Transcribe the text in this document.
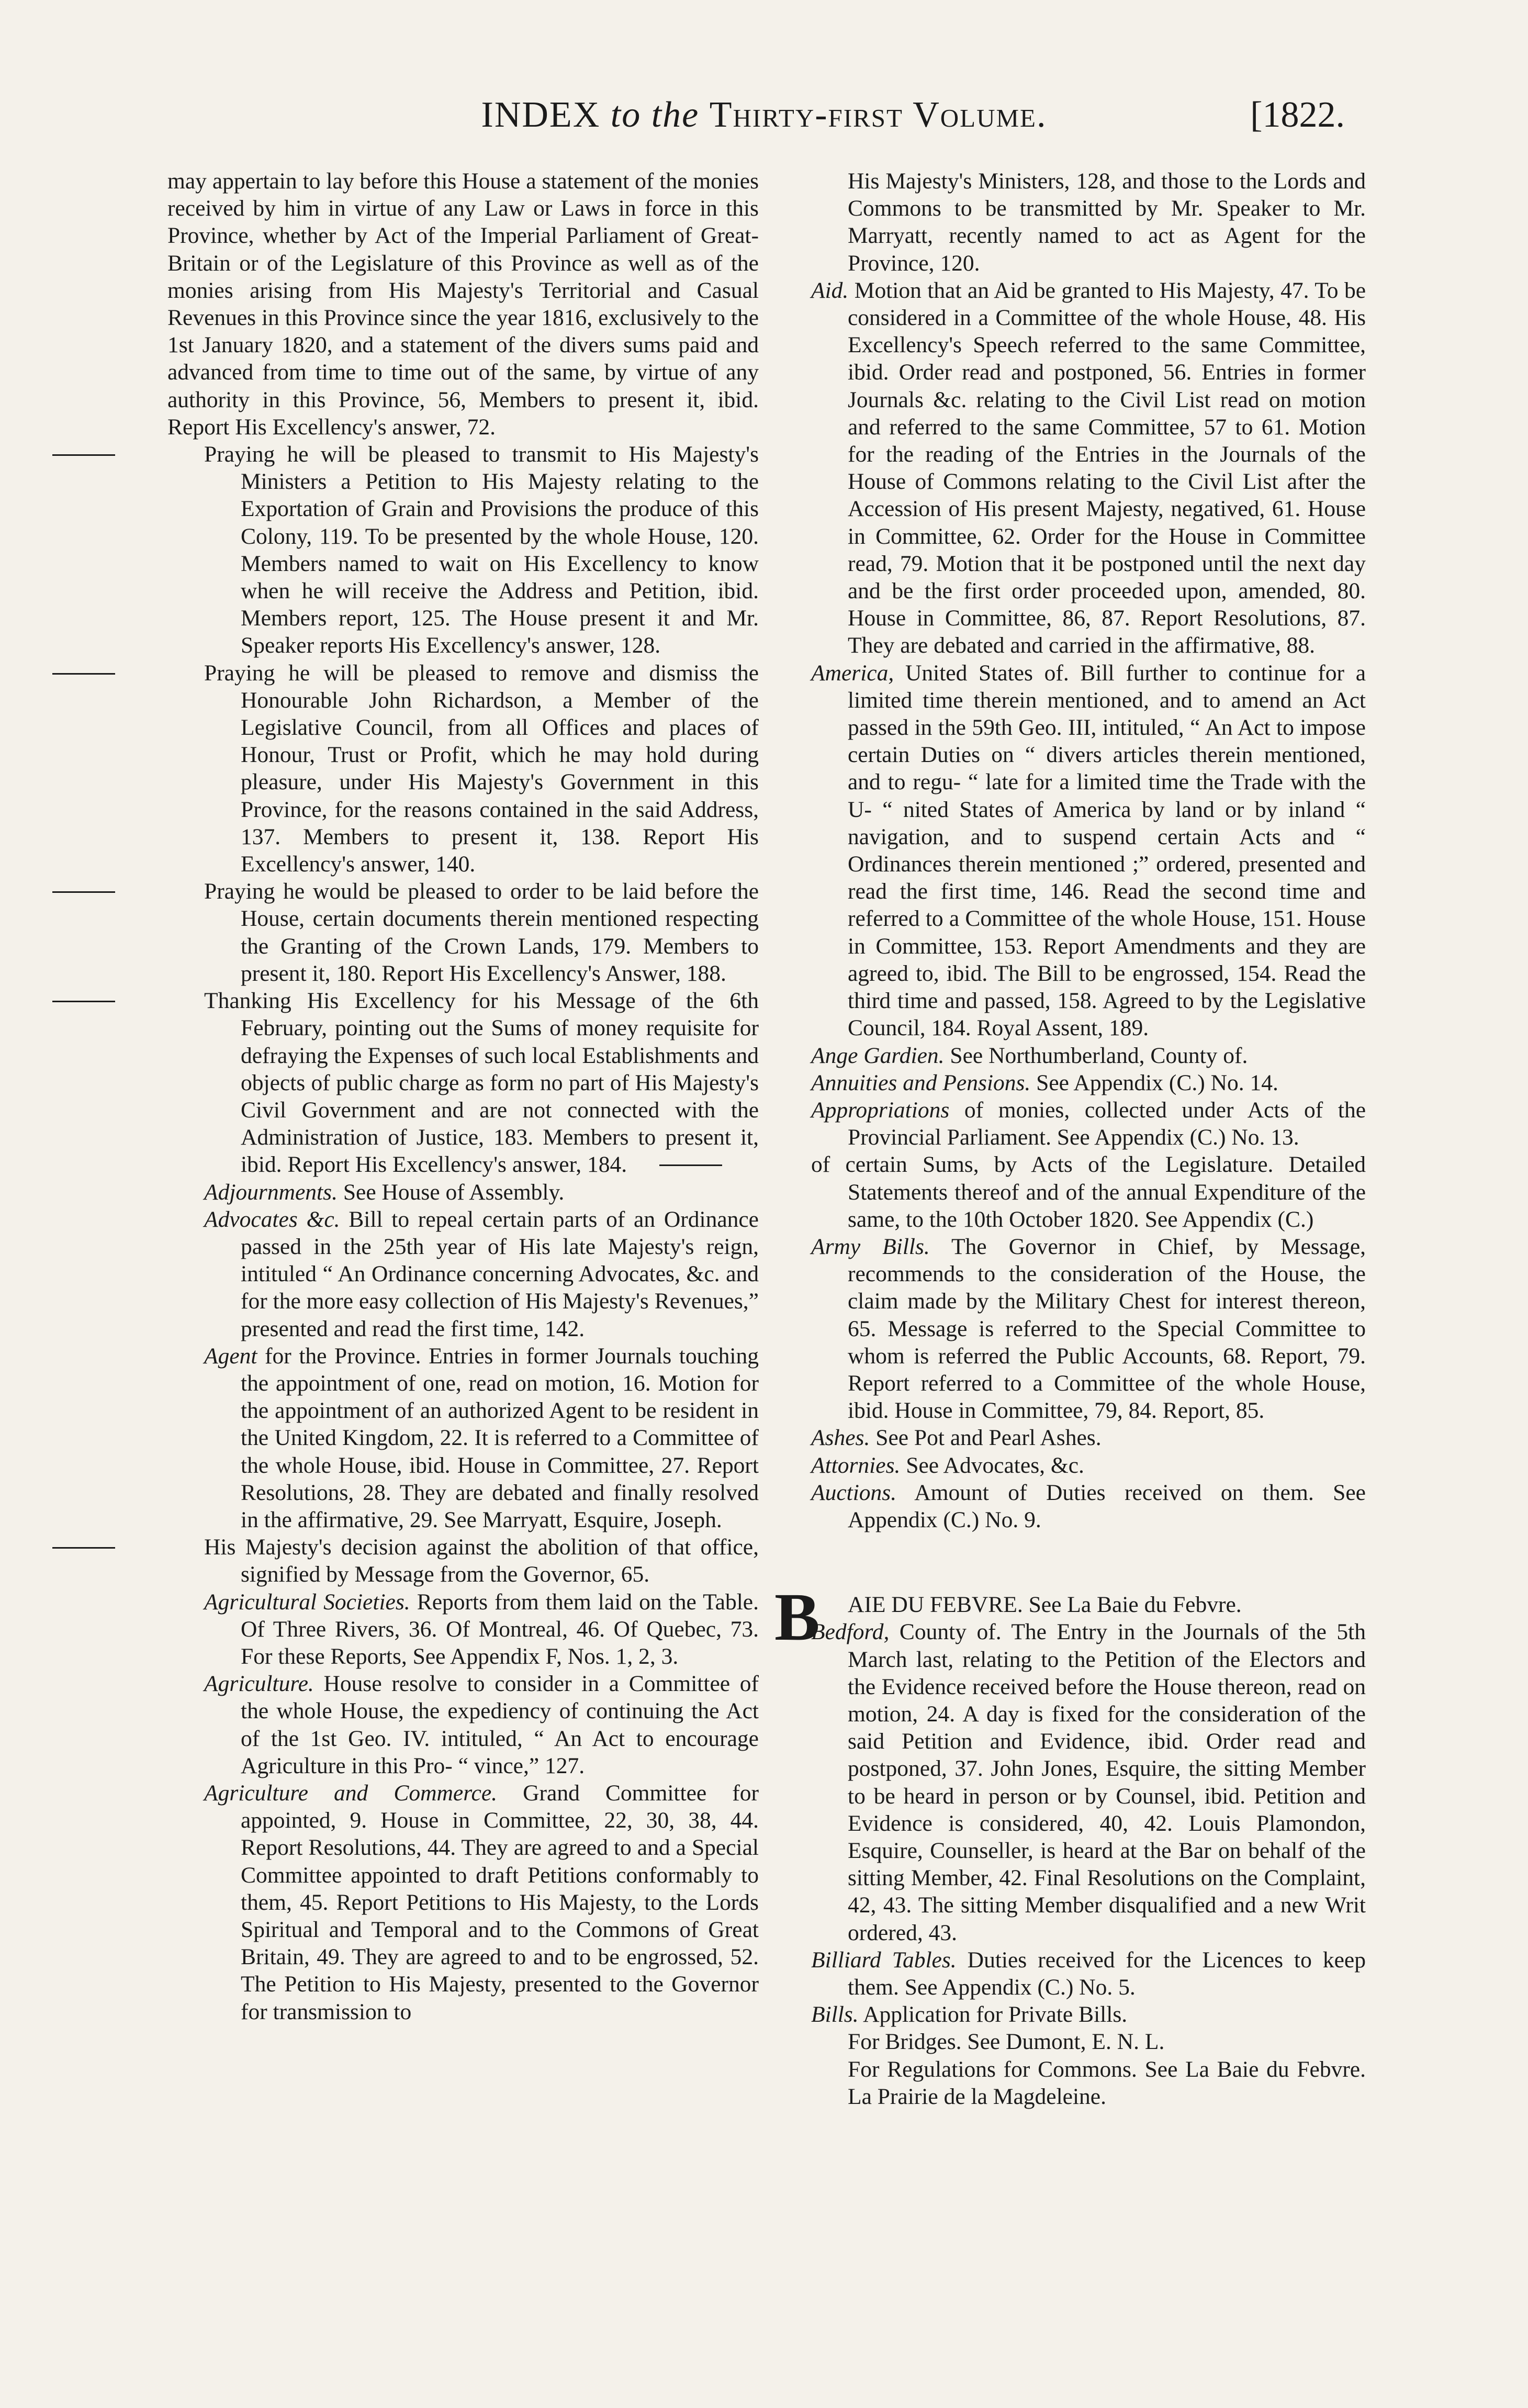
INDEX to the Thirty-first Volume.	[1822.

may appertain to lay before this House a statement of the monies received by him in virtue of any Law or Laws in force in this Province, whether by Act of the Imperial Parliament of Great-Britain or of the Legislature of this Province as well as of the monies arising from His Majesty's Territorial and Casual Revenues in this Province since the year 1816, exclusively to the 1st January 1820, and a statement of the divers sums paid and advanced from time to time out of the same, by virtue of any authority in this Province, 56, Members to present it, ibid. Report His Excellency's answer, 72.

Praying he will be pleased to transmit to His Majesty's Ministers a Petition to His Majesty relating to the Exportation of Grain and Provisions the produce of this Colony, 119. To be presented by the whole House, 120. Members named to wait on His Excellency to know when he will receive the Address and Petition, ibid. Members report, 125. The House present it and Mr. Speaker reports His Excellency's answer, 128.

Praying he will be pleased to remove and dismiss the Honourable John Richardson, a Member of the Legislative Council, from all Offices and places of Honour, Trust or Profit, which he may hold during pleasure, under His Majesty's Government in this Province, for the reasons contained in the said Address, 137. Members to present it, 138. Report His Excellency's answer, 140.

Praying he would be pleased to order to be laid before the House, certain documents therein mentioned respecting the Granting of the Crown Lands, 179. Members to present it, 180. Report His Excellency's Answer, 188.

Thanking His Excellency for his Message of the 6th February, pointing out the Sums of money requisite for defraying the Expenses of such local Establishments and objects of public charge as form no part of His Majesty's Civil Government and are not connected with the Administration of Justice, 183. Members to present it, ibid. Report His Excellency's answer, 184.

Adjournments. See House of Assembly.

Advocates &c. Bill to repeal certain parts of an Ordinance passed in the 25th year of His late Majesty's reign, intituled “ An Ordinance concerning Advocates, &c. and for the more easy collection of His Majesty's Revenues,” presented and read the first time, 142.

Agent for the Province. Entries in former Journals touching the appointment of one, read on motion, 16. Motion for the appointment of an authorized Agent to be resident in the United Kingdom, 22. It is referred to a Committee of the whole House, ibid. House in Committee, 27. Report Resolutions, 28. They are debated and finally resolved in the affirmative, 29. See Marryatt, Esquire, Joseph.

His Majesty's decision against the abolition of that office, signified by Message from the Governor, 65.

Agricultural Societies. Reports from them laid on the Table. Of Three Rivers, 36. Of Montreal, 46. Of Quebec, 73. For these Reports, See Appendix F, Nos. 1, 2, 3.

Agriculture. House resolve to consider in a Committee of the whole House, the expediency of continuing the Act of the 1st Geo. IV. intituled, “ An Act to encourage Agriculture in this Pro- “ vince,” 127.

Agriculture and Commerce. Grand Committee for appointed, 9. House in Committee, 22, 30, 38, 44. Report Resolutions, 44. They are agreed to and a Special Committee appointed to draft Petitions conformably to them, 45. Report Petitions to His Majesty, to the Lords Spiritual and Temporal and to the Commons of Great Britain, 49. They are agreed to and to be engrossed, 52. The Petition to His Majesty, presented to the Governor for transmission to

His Majesty's Ministers, 128, and those to the Lords and Commons to be transmitted by Mr. Speaker to Mr. Marryatt, recently named to act as Agent for the Province, 120.

Aid. Motion that an Aid be granted to His Majesty, 47. To be considered in a Committee of the whole House, 48. His Excellency's Speech referred to the same Committee, ibid. Order read and postponed, 56. Entries in former Journals &c. relating to the Civil List read on motion and referred to the same Committee, 57 to 61. Motion for the reading of the Entries in the Journals of the House of Commons relating to the Civil List after the Accession of His present Majesty, negatived, 61. House in Committee, 62. Order for the House in Committee read, 79. Motion that it be postponed until the next day and be the first order proceeded upon, amended, 80. House in Committee, 86, 87. Report Resolutions, 87. They are debated and carried in the affirmative, 88.

America, United States of. Bill further to continue for a limited time therein mentioned, and to amend an Act passed in the 59th Geo. III, intituled, “ An Act to impose certain Duties on “ divers articles therein mentioned, and to regu- “ late for a limited time the Trade with the U- “ nited States of America by land or by inland “ navigation, and to suspend certain Acts and “ Ordinances therein mentioned ;” ordered, presented and read the first time, 146. Read the second time and referred to a Committee of the whole House, 151. House in Committee, 153. Report Amendments and they are agreed to, ibid. The Bill to be engrossed, 154. Read the third time and passed, 158. Agreed to by the Legislative Council, 184. Royal Assent, 189.

Ange Gardien. See Northumberland, County of.

Annuities and Pensions. See Appendix (C.) No. 14.

Appropriations of monies, collected under Acts of the Provincial Parliament. See Appendix (C.) No. 13.

of certain Sums, by Acts of the Legislature. Detailed Statements thereof and of the annual Expenditure of the same, to the 10th October 1820. See Appendix (C.)

Army Bills. The Governor in Chief, by Message, recommends to the consideration of the House, the claim made by the Military Chest for interest thereon, 65. Message is referred to the Special Committee to whom is referred the Public Accounts, 68. Report, 79. Report referred to a Committee of the whole House, ibid. House in Committee, 79, 84. Report, 85.

Ashes. See Pot and Pearl Ashes.

Attornies. See Advocates, &c.

Auctions. Amount of Duties received on them. See Appendix (C.) No. 9.

B AIE DU FEBVRE. See La Baie du Febvre.

Bedford, County of. The Entry in the Journals of the 5th March last, relating to the Petition of the Electors and the Evidence received before the House thereon, read on motion, 24. A day is fixed for the consideration of the said Petition and Evidence, ibid. Order read and postponed, 37. John Jones, Esquire, the sitting Member to be heard in person or by Counsel, ibid. Petition and Evidence is considered, 40, 42. Louis Plamondon, Esquire, Counseller, is heard at the Bar on behalf of the sitting Member, 42. Final Resolutions on the Complaint, 42, 43. The sitting Member disqualified and a new Writ ordered, 43.

Billiard Tables. Duties received for the Licences to keep them. See Appendix (C.) No. 5.

Bills. Application for Private Bills.

For Bridges. See Dumont, E. N. L.

For Regulations for Commons. See La Baie du Febvre. La Prairie de la Magdeleine.
